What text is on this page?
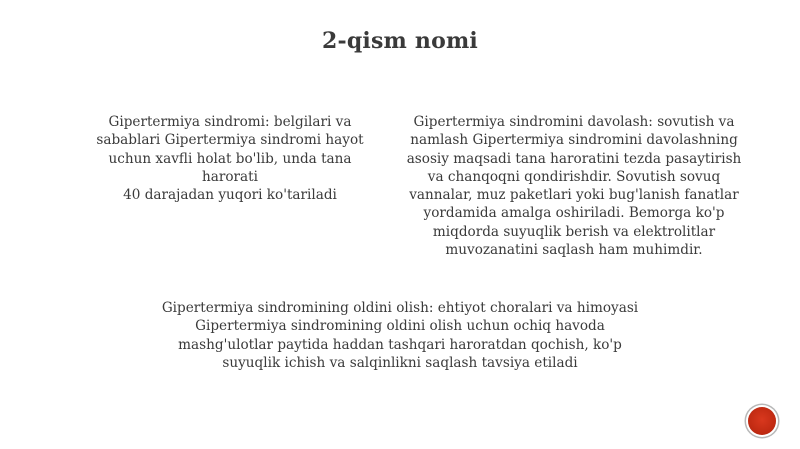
2-qism nomi
Gipertermiya sindromi: belgilari va
sabablari Gipertermiya sindromi hayot
uchun xavfli holat bo'lib, unda tana harorati
40 darajadan yuqori ko'tariladi
Gipertermiya sindromini davolash: sovutish va
namlash Gipertermiya sindromini davolashning
asosiy maqsadi tana haroratini tezda pasaytirish
va chanqoqni qondirishdir. Sovutish sovuq
vannalar, muz paketlari yoki bug'lanish fanatlar
yordamida amalga oshiriladi. Bemorga ko'p
miqdorda suyuqlik berish va elektrolitlar
muvozanatini saqlash ham muhimdir.
Gipertermiya sindromining oldini olish: ehtiyot choralari va himoyasi
Gipertermiya sindromining oldini olish uchun ochiq havoda
mashg'ulotlar paytida haddan tashqari haroratdan qochish, ko'p
suyuqlik ichish va salqinlikni saqlash tavsiya etiladi
